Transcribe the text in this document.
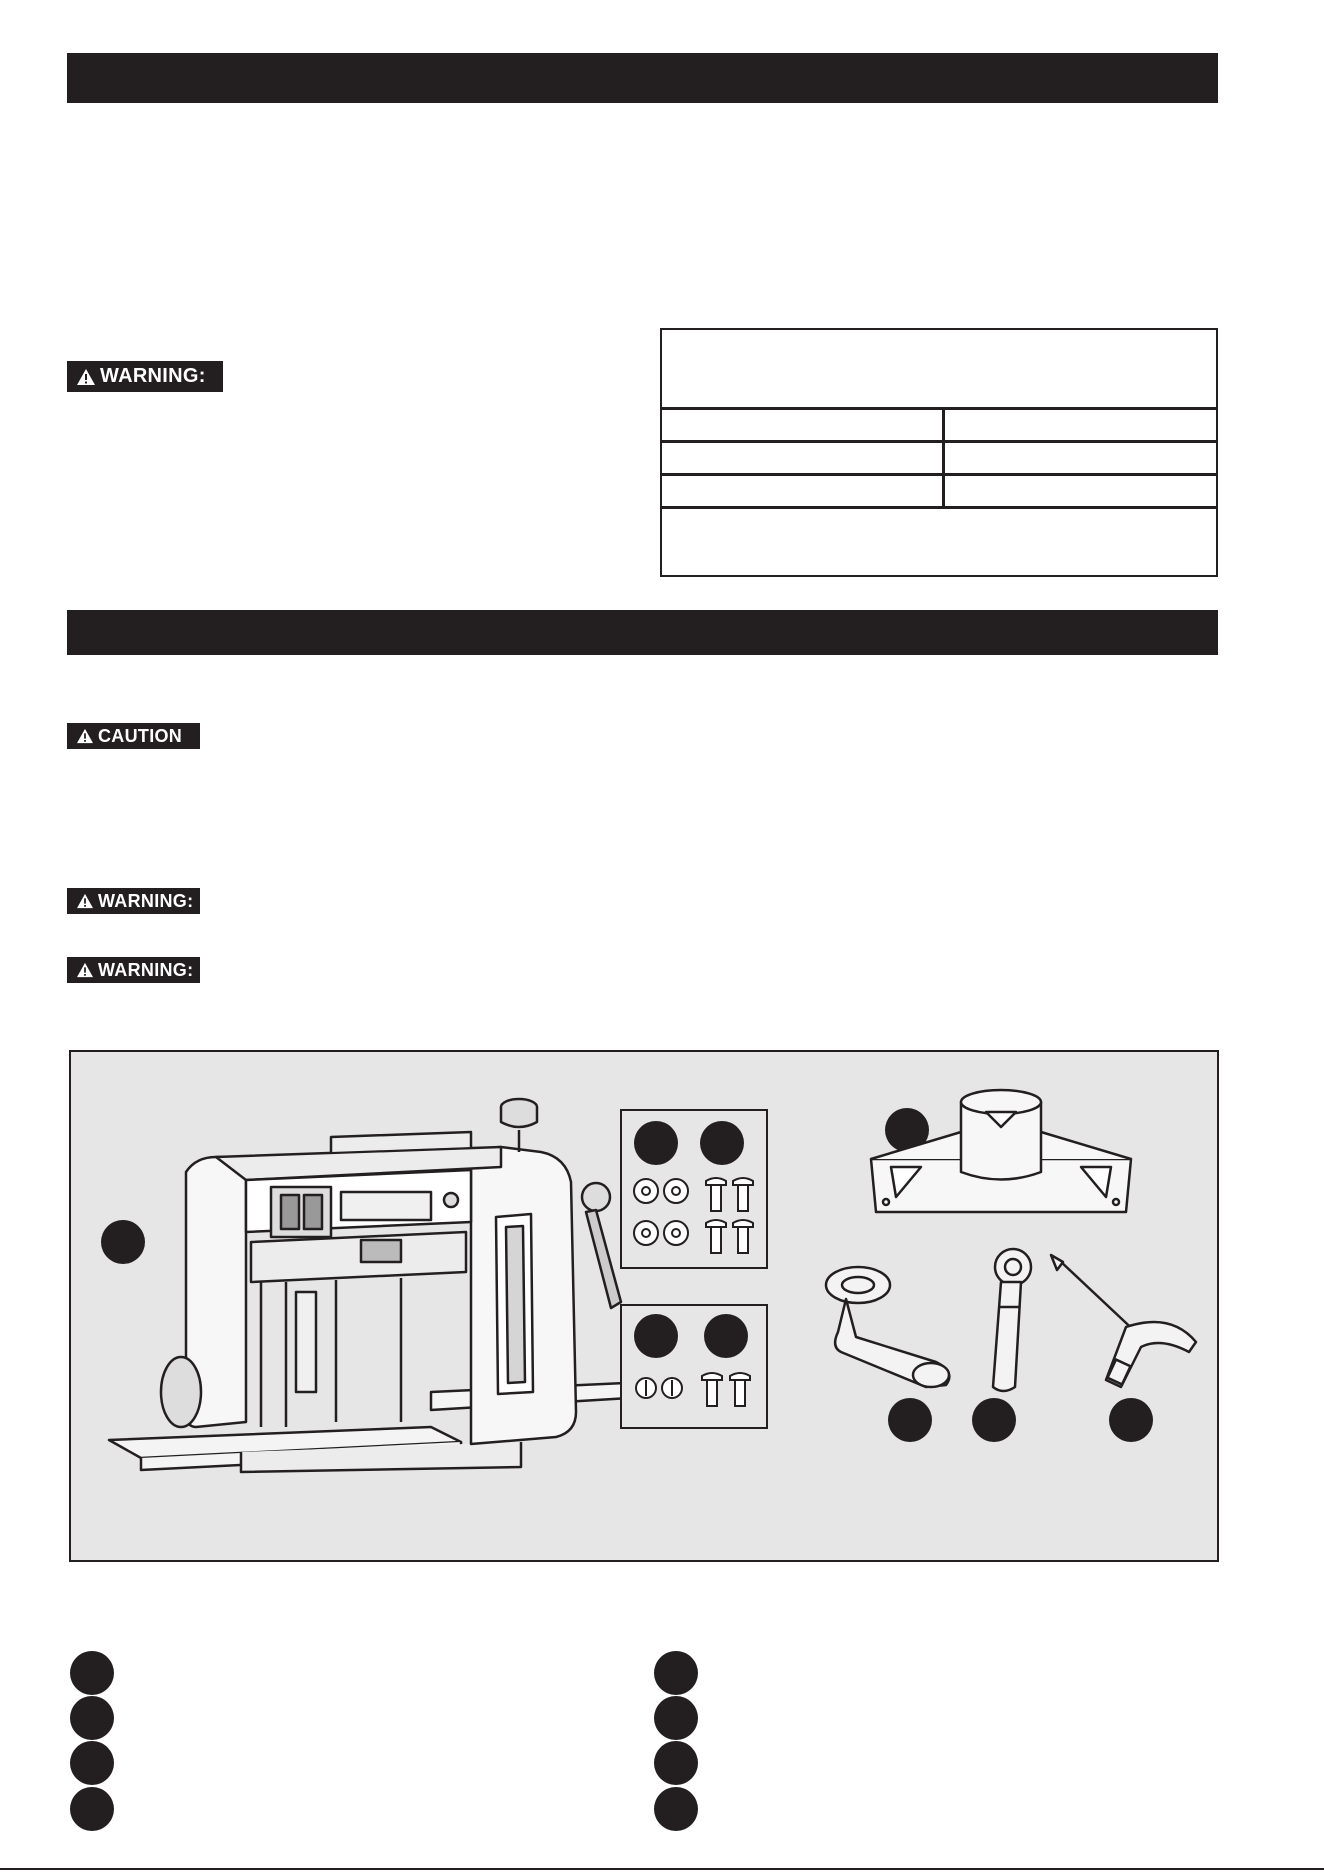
WARNING:
CAUTION
WARNING:
WARNING:
